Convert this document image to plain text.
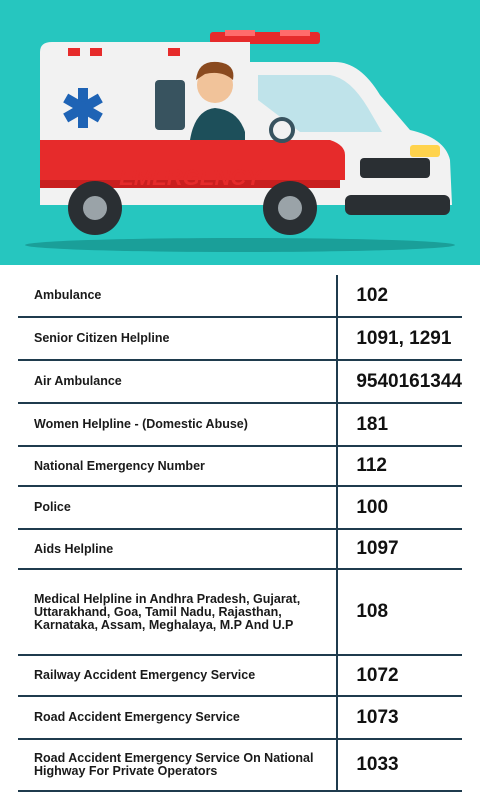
EMERGENCY
Ambulance	102
Senior Citizen Helpline	1091, 1291
Air Ambulance	9540161344
Women Helpline - (Domestic Abuse)	181
National Emergency Number	112
Police	100
Aids Helpline	1097
Medical Helpline in Andhra Pradesh, Gujarat, Uttarakhand, Goa, Tamil Nadu, Rajasthan, Karnataka, Assam, Meghalaya, M.P And U.P	108
Railway Accident Emergency Service	1072
Road Accident Emergency Service	1073
Road Accident Emergency Service On National Highway For Private Operators	1033
